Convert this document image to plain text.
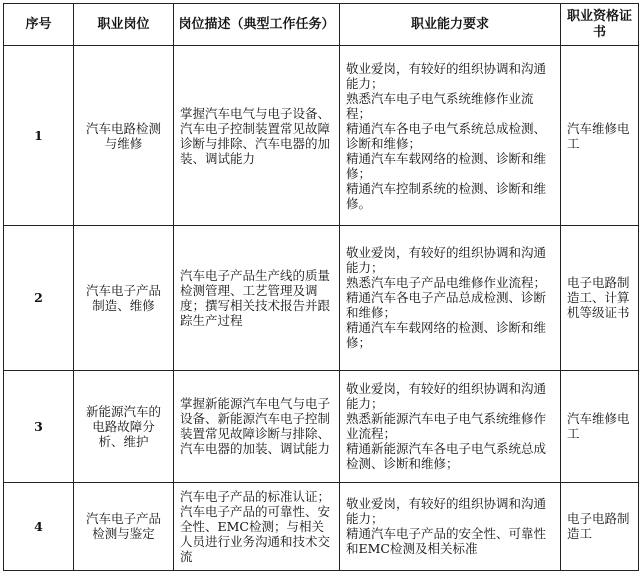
序号	职业岗位	岗位描述（典型工作任务）	职业能力要求	职业资格证书
1	汽车电路检测与维修	掌握汽车电气与电子设备、汽车电子控制装置常见故障诊断与排除、汽车电器的加装、调试能力	敬业爱岗，有较好的组织协调和沟通能力；
熟悉汽车电子电气系统维修作业流程；
精通汽车各电子电气系统总成检测、诊断和维修；
精通汽车车载网络的检测、诊断和维修；
精通汽车控制系统的检测、诊断和维修。	汽车维修电工
2	汽车电子产品制造、维修	汽车电子产品生产线的质量检测管理、工艺管理及调度；撰写相关技术报告并跟踪生产过程	敬业爱岗，有较好的组织协调和沟通能力；
熟悉汽车电子产品电维修作业流程；
精通汽车各电子产品总成检测、诊断和维修；
精通汽车车载网络的检测、诊断和维修；	电子电路制造工、计算机等级证书
3	新能源汽车的电路故障分析、维护	掌握新能源汽车电气与电子设备、新能源汽车电子控制装置常见故障诊断与排除、汽车电器的加装、调试能力	敬业爱岗，有较好的组织协调和沟通能力；
熟悉新能源汽车电子电气系统维修作业流程；
精通新能源汽车各电子电气系统总成检测、诊断和维修；	汽车维修电工
4	汽车电子产品检测与鉴定	汽车电子产品的标准认证；汽车电子产品的可靠性、安全性、EMC检测；与相关人员进行业务沟通和技术交流	敬业爱岗，有较好的组织协调和沟通能力；
精通汽车电子产品的安全性、可靠性和EMC检测及相关标准	电子电路制造工
